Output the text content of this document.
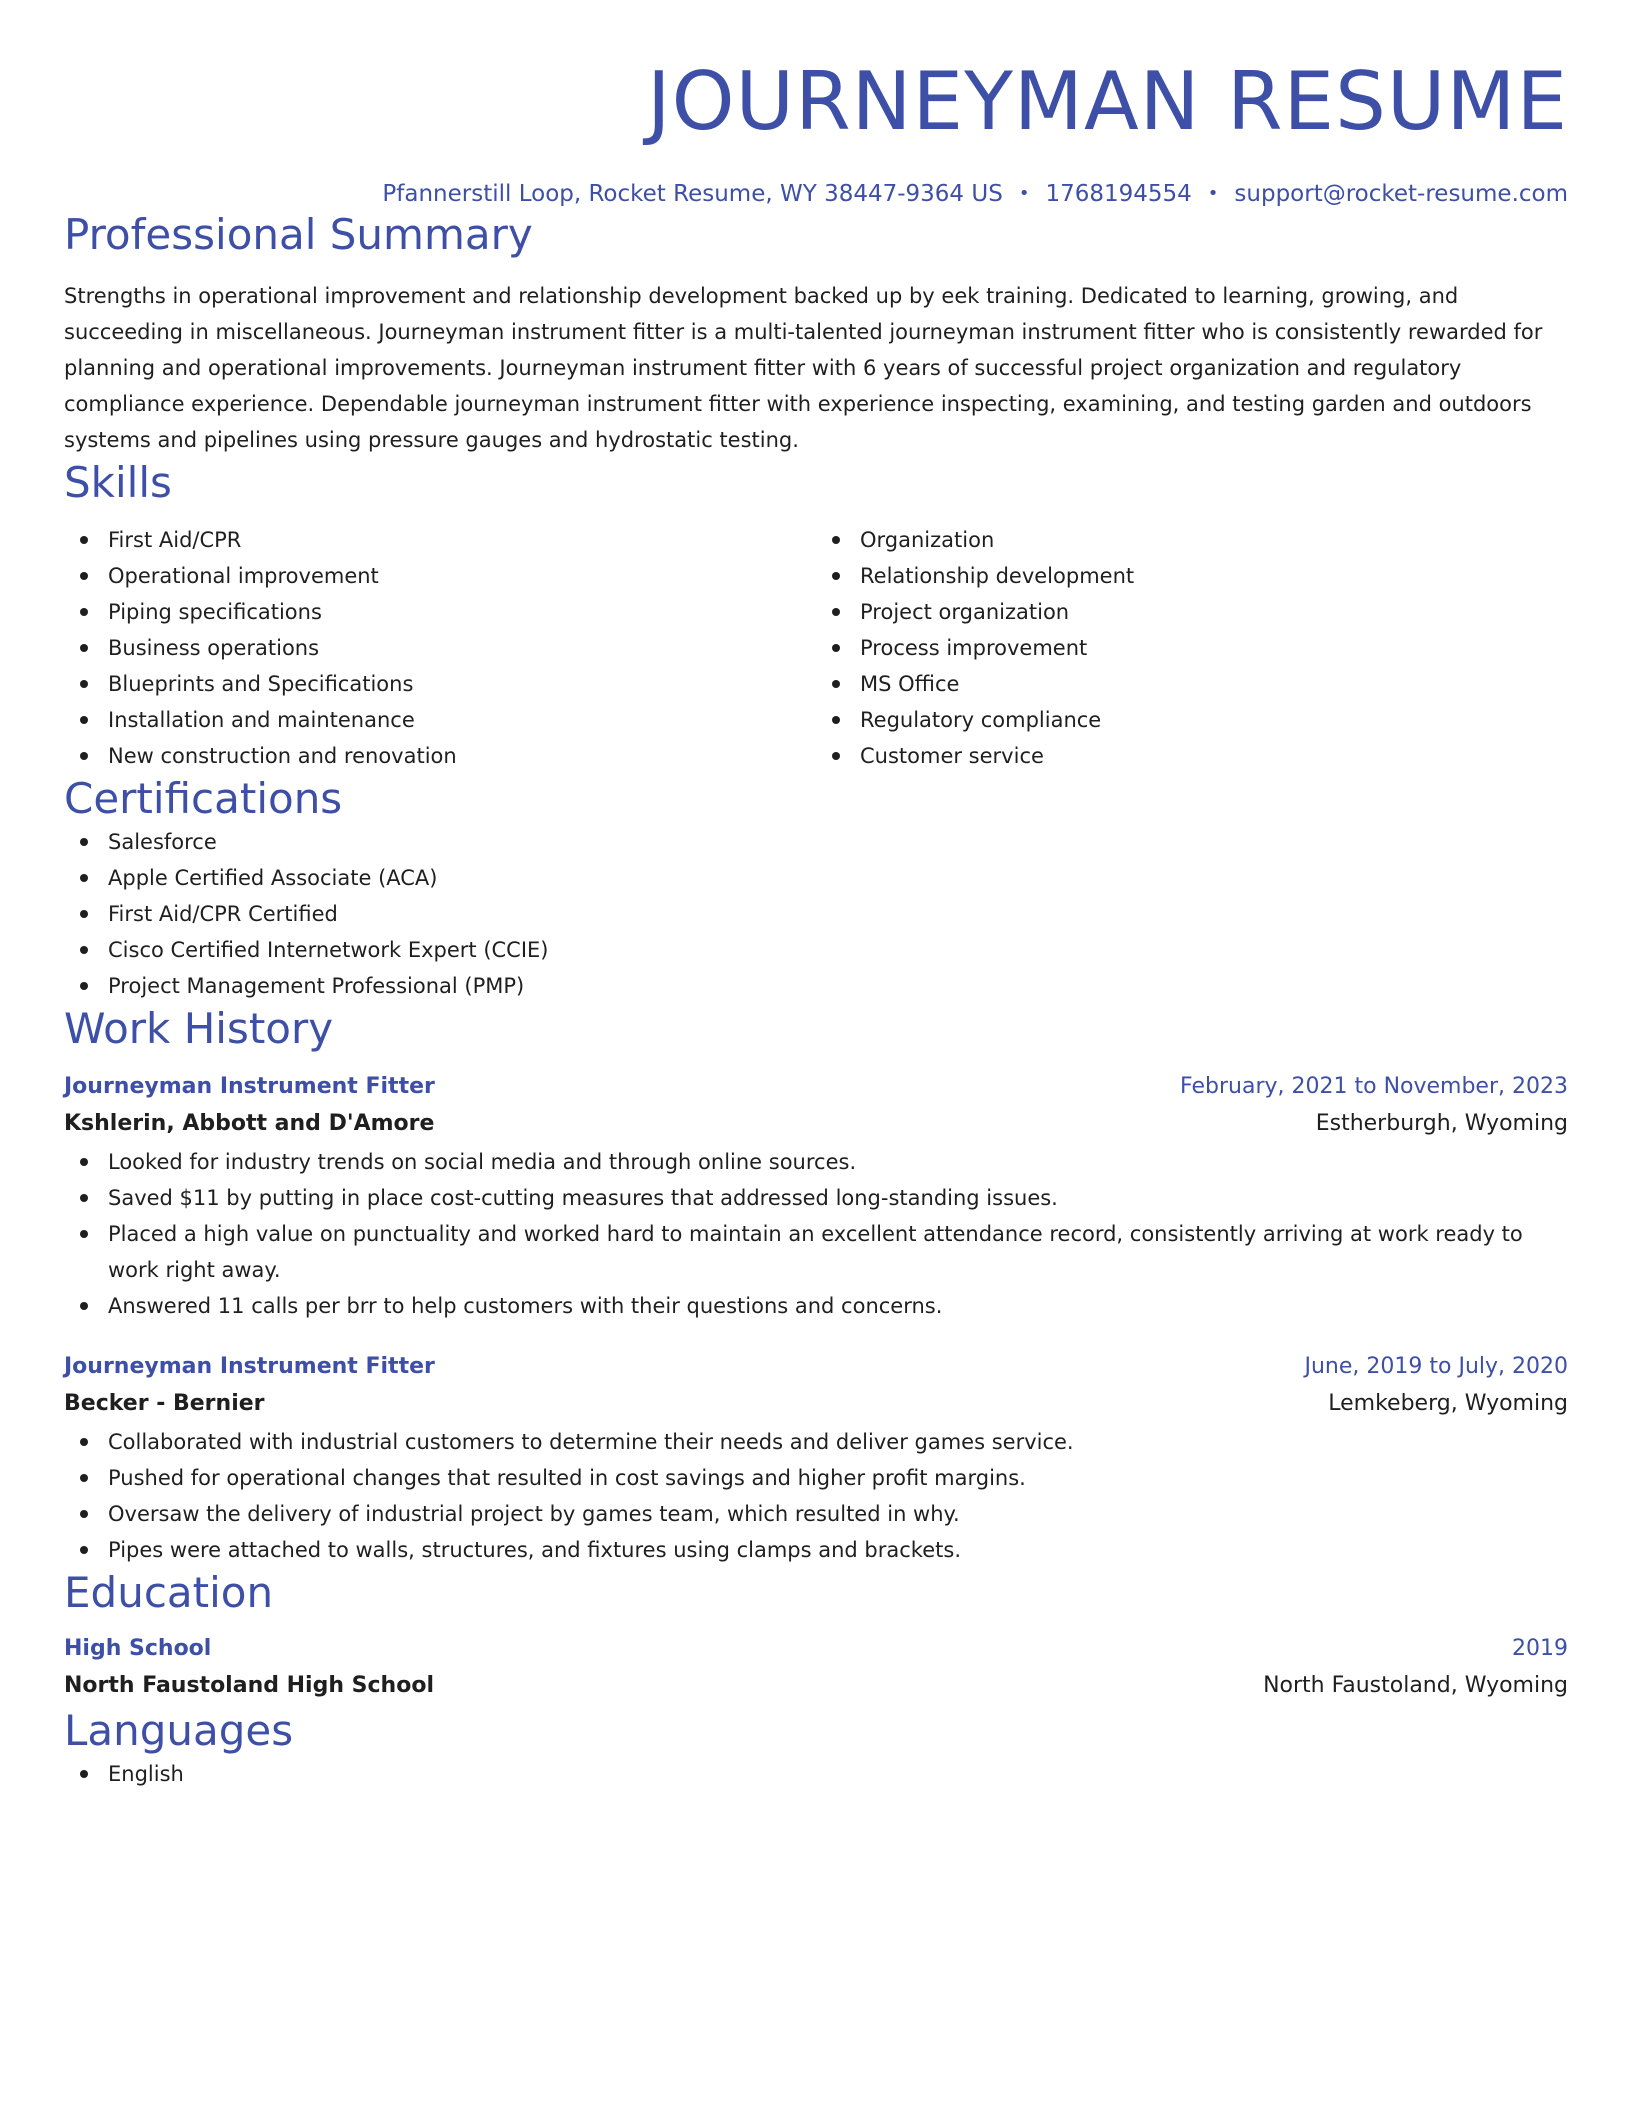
JOURNEYMAN RESUME
Pfannerstill Loop, Rocket Resume, WY 38447-9364 US • 1768194554 • support@rocket-resume.com
Professional Summary
Strengths in operational improvement and relationship development backed up by eek training. Dedicated to learning, growing, and succeeding in miscellaneous. Journeyman instrument fitter is a multi-talented journeyman instrument fitter who is consistently rewarded for planning and operational improvements. Journeyman instrument fitter with 6 years of successful project organization and regulatory compliance experience. Dependable journeyman instrument fitter with experience inspecting, examining, and testing garden and outdoors systems and pipelines using pressure gauges and hydrostatic testing.
Skills
First Aid/CPR
Operational improvement
Piping specifications
Business operations
Blueprints and Specifications
Installation and maintenance
New construction and renovation
Organization
Relationship development
Project organization
Process improvement
MS Office
Regulatory compliance
Customer service
Certifications
Salesforce
Apple Certified Associate (ACA)
First Aid/CPR Certified
Cisco Certified Internetwork Expert (CCIE)
Project Management Professional (PMP)
Work History
Journeyman Instrument Fitter	February, 2021 to November, 2023
Kshlerin, Abbott and D'Amore	Estherburgh, Wyoming
Looked for industry trends on social media and through online sources.
Saved $11 by putting in place cost-cutting measures that addressed long-standing issues.
Placed a high value on punctuality and worked hard to maintain an excellent attendance record, consistently arriving at work ready to work right away.
Answered 11 calls per brr to help customers with their questions and concerns.
Journeyman Instrument Fitter	June, 2019 to July, 2020
Becker - Bernier	Lemkeberg, Wyoming
Collaborated with industrial customers to determine their needs and deliver games service.
Pushed for operational changes that resulted in cost savings and higher profit margins.
Oversaw the delivery of industrial project by games team, which resulted in why.
Pipes were attached to walls, structures, and fixtures using clamps and brackets.
Education
High School	2019
North Faustoland High School	North Faustoland, Wyoming
Languages
English
